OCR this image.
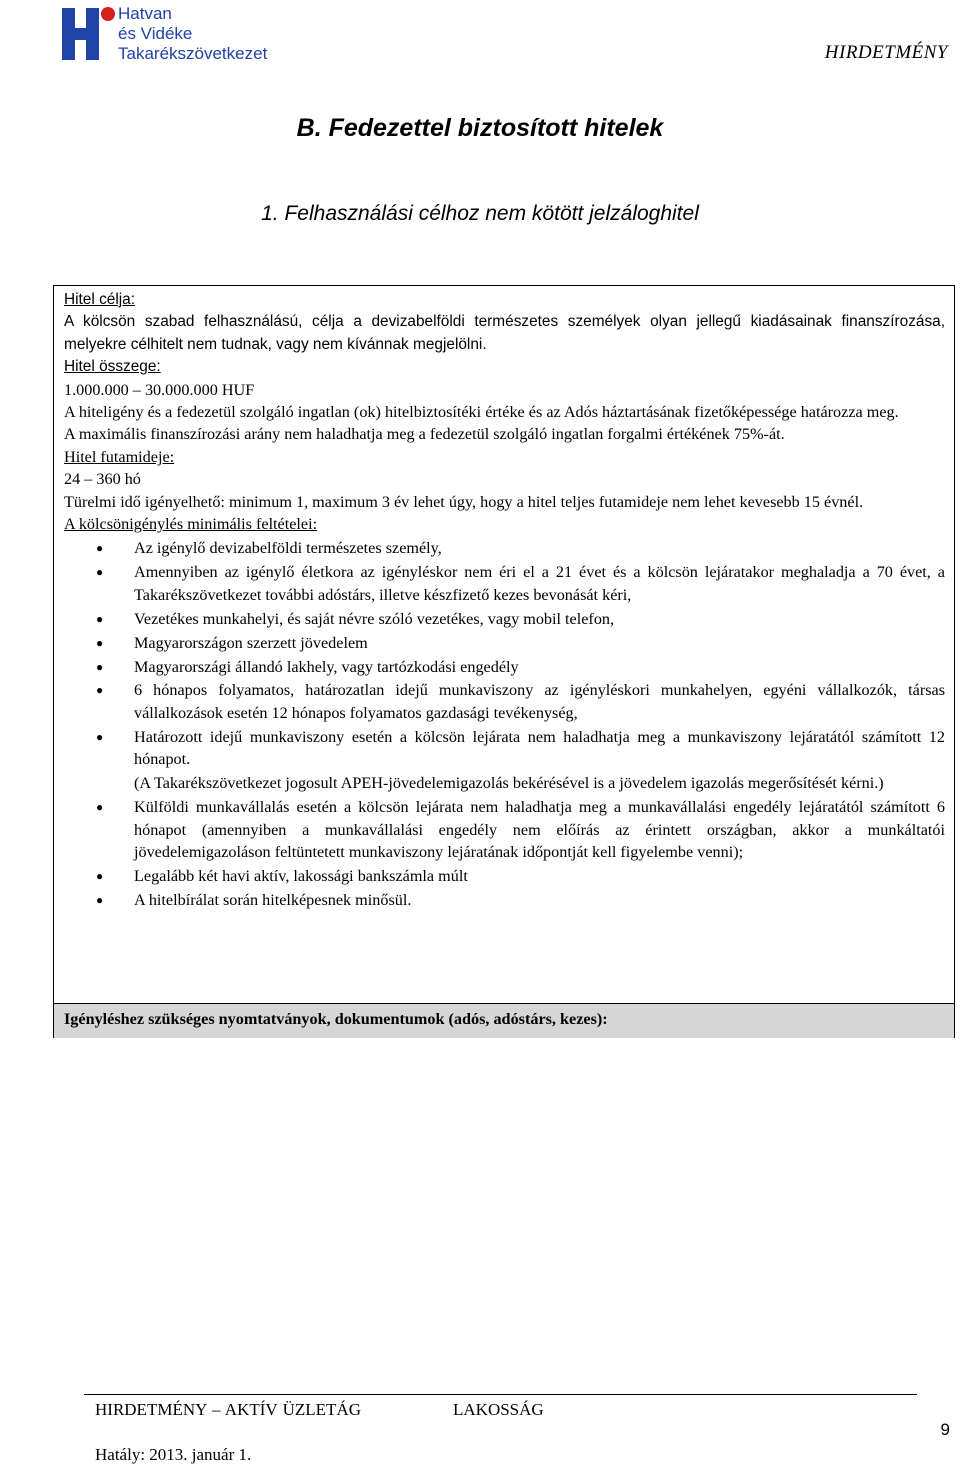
Hatvan
és Vidéke
Takarékszövetkezet	HIRDETMÉNY
B. Fedezettel biztosított hitelek
1. Felhasználási célhoz nem kötött jelzáloghitel
Hitel célja:
A kölcsön szabad felhasználású, célja a devizabelföldi természetes személyek olyan jellegű kiadásainak finanszírozása, melyekre célhitelt nem tudnak, vagy nem kívánnak megjelölni.
Hitel összege:
1.000.000 – 30.000.000 HUF
A hiteligény és a fedezetül szolgáló ingatlan (ok) hitelbiztosítéki értéke és az Adós háztartásának fizetőképessége határozza meg.
A maximális finanszírozási arány nem haladhatja meg a fedezetül szolgáló ingatlan forgalmi értékének 75%-át.
Hitel futamideje:
24 – 360 hó
Türelmi idő igényelhető: minimum 1, maximum 3 év lehet úgy, hogy a hitel teljes futamideje nem lehet kevesebb 15 évnél.
A kölcsönigénylés minimális feltételei:
● Az igénylő devizabelföldi természetes személy,
● Amennyiben az igénylő életkora az igényléskor nem éri el a 21 évet és a kölcsön lejáratakor meghaladja a 70 évet, a Takarékszövetkezet további adóstárs, illetve készfizető kezes bevonását kéri,
● Vezetékes munkahelyi, és saját névre szóló vezetékes, vagy mobil telefon,
● Magyarországon szerzett jövedelem
● Magyarországi állandó lakhely, vagy tartózkodási engedély
● 6 hónapos folyamatos, határozatlan idejű munkaviszony az igényléskori munkahelyen, egyéni vállalkozók, társas vállalkozások esetén 12 hónapos folyamatos gazdasági tevékenység,
● Határozott idejű munkaviszony esetén a kölcsön lejárata nem haladhatja meg a munkaviszony lejáratától számított 12 hónapot.
(A Takarékszövetkezet jogosult APEH-jövedelemigazolás bekérésével is a jövedelem igazolás megerősítését kérni.)
● Külföldi munkavállalás esetén a kölcsön lejárata nem haladhatja meg a munkavállalási engedély lejáratától számított 6 hónapot (amennyiben a munkavállalási engedély nem előírás az érintett országban, akkor a munkáltatói jövedelemigazoláson feltüntetett munkaviszony lejáratának időpontját kell figyelembe venni);
● Legalább két havi aktív, lakossági bankszámla múlt
● A hitelbírálat során hitelképesnek minősül.
Igényléshez szükséges nyomtatványok, dokumentumok (adós, adóstárs, kezes):
HIRDETMÉNY – AKTÍV ÜZLETÁG	LAKOSSÁG
Hatály: 2013. január 1.
9
